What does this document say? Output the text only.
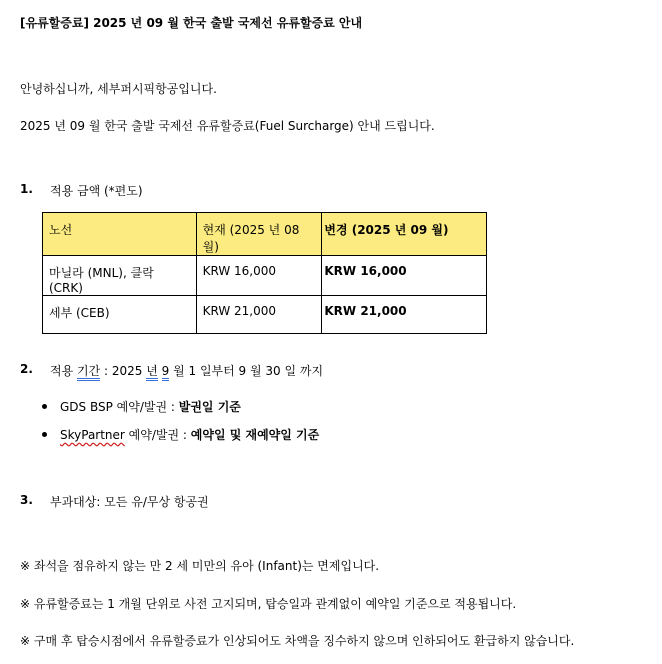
[유류할증료] 2025 년 09 월 한국 출발 국제선 유류할증료 안내
안녕하십니까, 세부퍼시픽항공입니다.
2025 년 09 월 한국 출발 국제선 유류할증료(Fuel Surcharge) 안내 드립니다.
1. 적용 금액 (*편도)
노선	현재 (2025 년 08 월)	변경 (2025 년 09 월)
마닐라 (MNL), 클락 (CRK)	KRW 16,000	KRW 16,000
세부 (CEB)	KRW 21,000	KRW 21,000
2. 적용 기간 : 2025 년 9 월 1 일부터 9 월 30 일 까지
GDS BSP 예약/발권 : 발권일 기준
SkyPartner 예약/발권 : 예약일 및 재예약일 기준
3. 부과대상: 모든 유/무상 항공권
※ 좌석을 점유하지 않는 만 2 세 미만의 유아 (Infant)는 면제입니다.
※ 유류할증료는 1 개월 단위로 사전 고지되며, 탑승일과 관계없이 예약일 기준으로 적용됩니다.
※ 구매 후 탑승시점에서 유류할증료가 인상되어도 차액을 징수하지 않으며 인하되어도 환급하지 않습니다.
